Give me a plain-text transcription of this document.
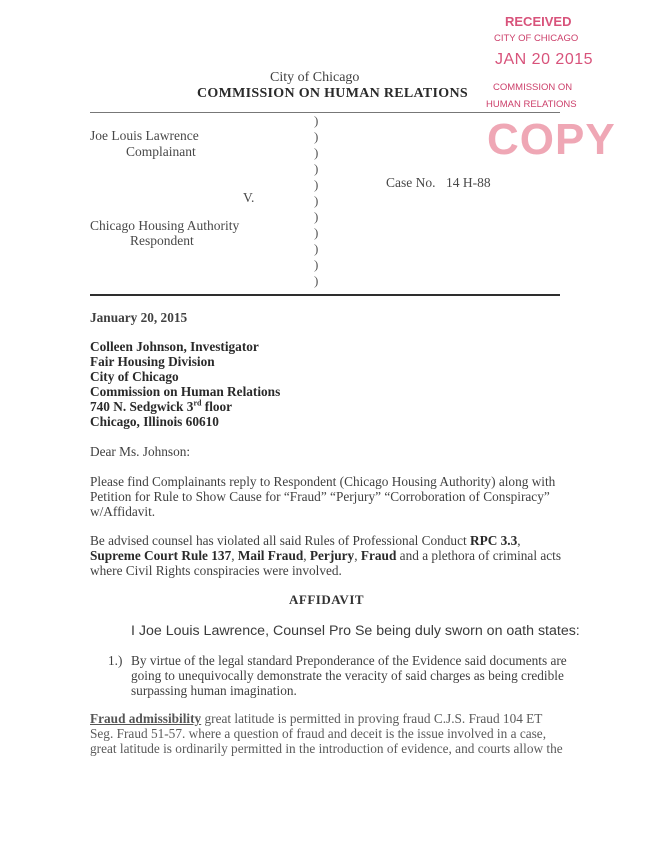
RECEIVED
CITY OF CHICAGO
JAN 20 2015
COMMISSION ON
HUMAN RELATIONS
COPY
City of Chicago
COMMISSION ON HUMAN RELATIONS
Joe Louis Lawrence
Complainant
V.
Chicago Housing Authority
Respondent
Case No. 14 H-88
)
)
)
)
)
)
)
)
)
)
)
January 20, 2015
Colleen Johnson, Investigator
Fair Housing Division
City of Chicago
Commission on Human Relations
740 N. Sedgwick 3rd floor
Chicago, Illinois 60610
Dear Ms. Johnson:
Please find Complainants reply to Respondent (Chicago Housing Authority) along with
Petition for Rule to Show Cause for “Fraud” “Perjury” “Corroboration of Conspiracy”
w/Affidavit.
Be advised counsel has violated all said Rules of Professional Conduct RPC 3.3,
Supreme Court Rule 137, Mail Fraud, Perjury, Fraud and a plethora of criminal acts
where Civil Rights conspiracies were involved.
AFFIDAVIT
I Joe Louis Lawrence, Counsel Pro Se being duly sworn on oath states:
1.) By virtue of the legal standard Preponderance of the Evidence said documents are
going to unequivocally demonstrate the veracity of said charges as being credible
surpassing human imagination.
Fraud admissibility great latitude is permitted in proving fraud C.J.S. Fraud 104 ET
Seg. Fraud 51-57. where a question of fraud and deceit is the issue involved in a case,
great latitude is ordinarily permitted in the introduction of evidence, and courts allow the
